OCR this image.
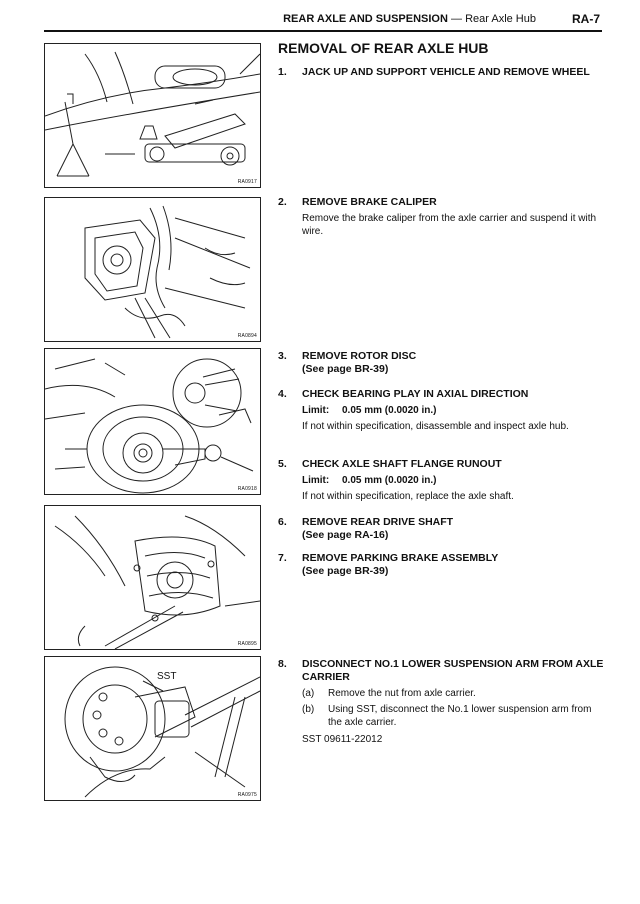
REAR AXLE AND SUSPENSION — Rear Axle Hub	RA-7
RA0917
RA0894
RA0918
RA0895
SST
RA0975
REMOVAL OF REAR AXLE HUB
1. JACK UP AND SUPPORT VEHICLE AND REMOVE WHEEL
2. REMOVE BRAKE CALIPER
Remove the brake caliper from the axle carrier and suspend it with wire.
3. REMOVE ROTOR DISC
(See page BR-39)
4. CHECK BEARING PLAY IN AXIAL DIRECTION
Limit: 0.05 mm (0.0020 in.)
If not within specification, disassemble and inspect axle hub.
5. CHECK AXLE SHAFT FLANGE RUNOUT
Limit: 0.05 mm (0.0020 in.)
If not within specification, replace the axle shaft.
6. REMOVE REAR DRIVE SHAFT
(See page RA-16)
7. REMOVE PARKING BRAKE ASSEMBLY
(See page BR-39)
8. DISCONNECT NO.1 LOWER SUSPENSION ARM FROM AXLE CARRIER
(a) Remove the nut from axle carrier.
(b) Using SST, disconnect the No.1 lower suspension arm from the axle carrier.
SST 09611-22012
